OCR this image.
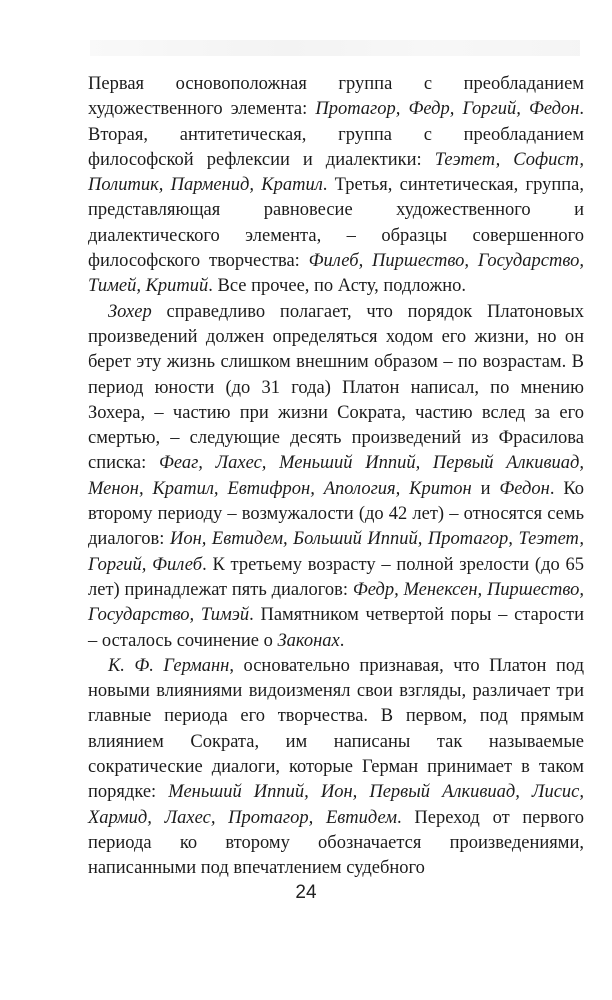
Первая основоположная группа с преобладанием художественного элемента: Протагор, Федр, Горгий, Федон. Вторая, антитетическая, группа с преобладанием философской рефлексии и диалектики: Теэтет, Софист, Политик, Парменид, Кратил. Третья, синтетическая, группа, представляющая равновесие художественного и диалектического элемента, – образцы совершенного философского творчества: Филеб, Пиршество, Государство, Тимей, Критий. Все прочее, по Асту, подложно.

Зохер справедливо полагает, что порядок Платоновых произведений должен определяться ходом его жизни, но он берет эту жизнь слишком внешним образом – по возрастам. В период юности (до 31 года) Платон написал, по мнению Зохера, – частию при жизни Сократа, частию вслед за его смертью, – следующие десять произведений из Фрасилова списка: Феаг, Лахес, Меньший Иппий, Первый Алкивиад, Менон, Кратил, Евтифрон, Апология, Критон и Федон. Ко второму периоду – возмужалости (до 42 лет) – относятся семь диалогов: Ион, Евтидем, Больший Иппий, Протагор, Теэтет, Горгий, Филеб. К третьему возрасту – полной зрелости (до 65 лет) принадлежат пять диалогов: Федр, Менексен, Пиршество, Государство, Тимэй. Памятником четвертой поры – старости – осталось сочинение о Законах.

К. Ф. Германн, основательно признавая, что Платон под новыми влияниями видоизменял свои взгляды, различает три главные периода его творчества. В первом, под прямым влиянием Сократа, им написаны так называемые сократические диалоги, которые Герман принимает в таком порядке: Меньший Иппий, Ион, Первый Алкивиад, Лисис, Хармид, Лахес, Протагор, Евтидем. Переход от первого периода ко второму обозначается произведениями, написанными под впечатлением судебного

24
